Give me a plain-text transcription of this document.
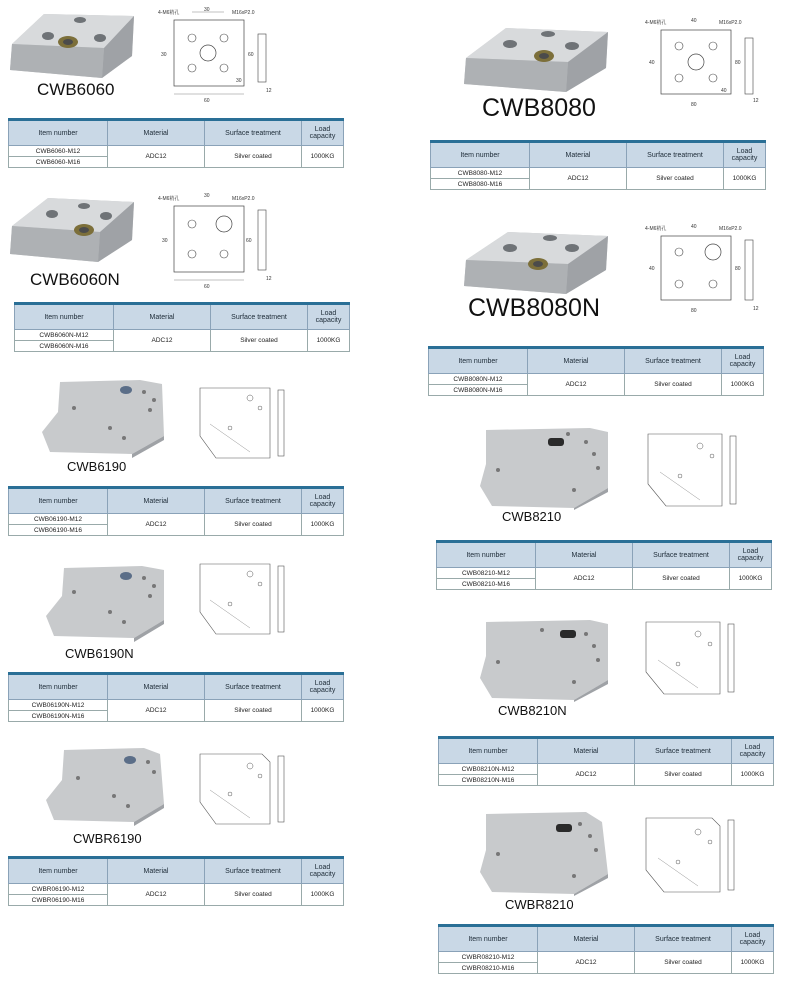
CWB6060
30	M16xP2.0
4-M6精孔
30	60
30
60
12
Item number	Material	Surface treatment	Load capacity
CWB6060-M12	ADC12	Silver coated	1000KG
CWB6060-M16			
CWB6060N
30	M16xP2.0
4-M6精孔
60
30
60
12
Item number	Material	Surface treatment	Load capacity
CWB6060N-M12	ADC12	Silver coated	1000KG
CWB6060N-M16			
CWB6190
Item number	Material	Surface treatment	Load capacity
CWB06190-M12	ADC12	Silver coated	1000KG
CWB06190-M16			
CWB6190N
Item number	Material	Surface treatment	Load capacity
CWB06190N-M12	ADC12	Silver coated	1000KG
CWB06190N-M16			
CWBR6190
Item number	Material	Surface treatment	Load capacity
CWBR06190-M12	ADC12	Silver coated	1000KG
CWBR06190-M16			
CWB8080
40	M16xP2.0
4-M6精孔
40	80
40
80
12
Item number	Material	Surface treatment	Load capacity
CWB8080-M12	ADC12	Silver coated	1000KG
CWB8080-M16			
CWB8080N
40	M16xP2.0
4-M6精孔
80
40
80	12
Item number	Material	Surface treatment	Load capacity
CWB8080N-M12	ADC12	Silver coated	1000KG
CWB8080N-M16			
CWB8210
Item number	Material	Surface treatment	Load capacity
CWB08210-M12	ADC12	Silver coated	1000KG
CWB08210-M16			
CWB8210N
Item number	Material	Surface treatment	Load capacity
CWB08210N-M12	ADC12	Silver coated	1000KG
CWB08210N-M16			
CWBR8210
Item number	Material	Surface treatment	Load capacity
CWBR08210-M12	ADC12	Silver coated	1000KG
CWBR08210-M16			
